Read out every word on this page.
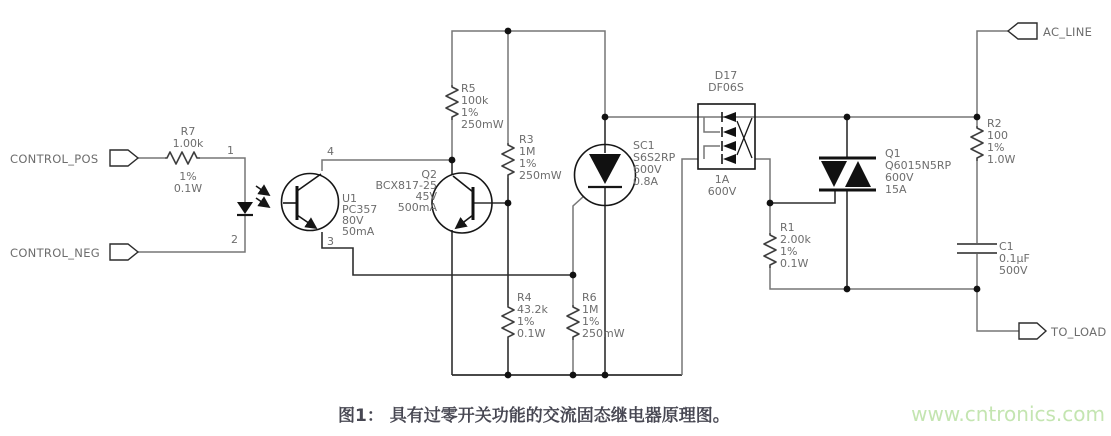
CONTROL_POS
CONTROL_NEG
AC_LINE
TO_LOAD
R7
1.00k
1%
0.1W
1
2
4
3
U1
PC357
80V
50mA
Q2
BCX817-25
45V
500mA
R5
100k
1%
250mW
R3
1M
1%
250mW
R4
43.2k
1%
0.1W
R6
1M
1%
250mW
SC1
S6S2RP
600V
0.8A
D17
DF06S
1A
600V
R1
2.00k
1%
0.1W
Q1
Q6015N5RP
600V
15A
R2
100
1%
1.0W
C1
0.1µF
500V
图1： 具有过零开关功能的交流固态继电器原理图。	www.cntronics.com
